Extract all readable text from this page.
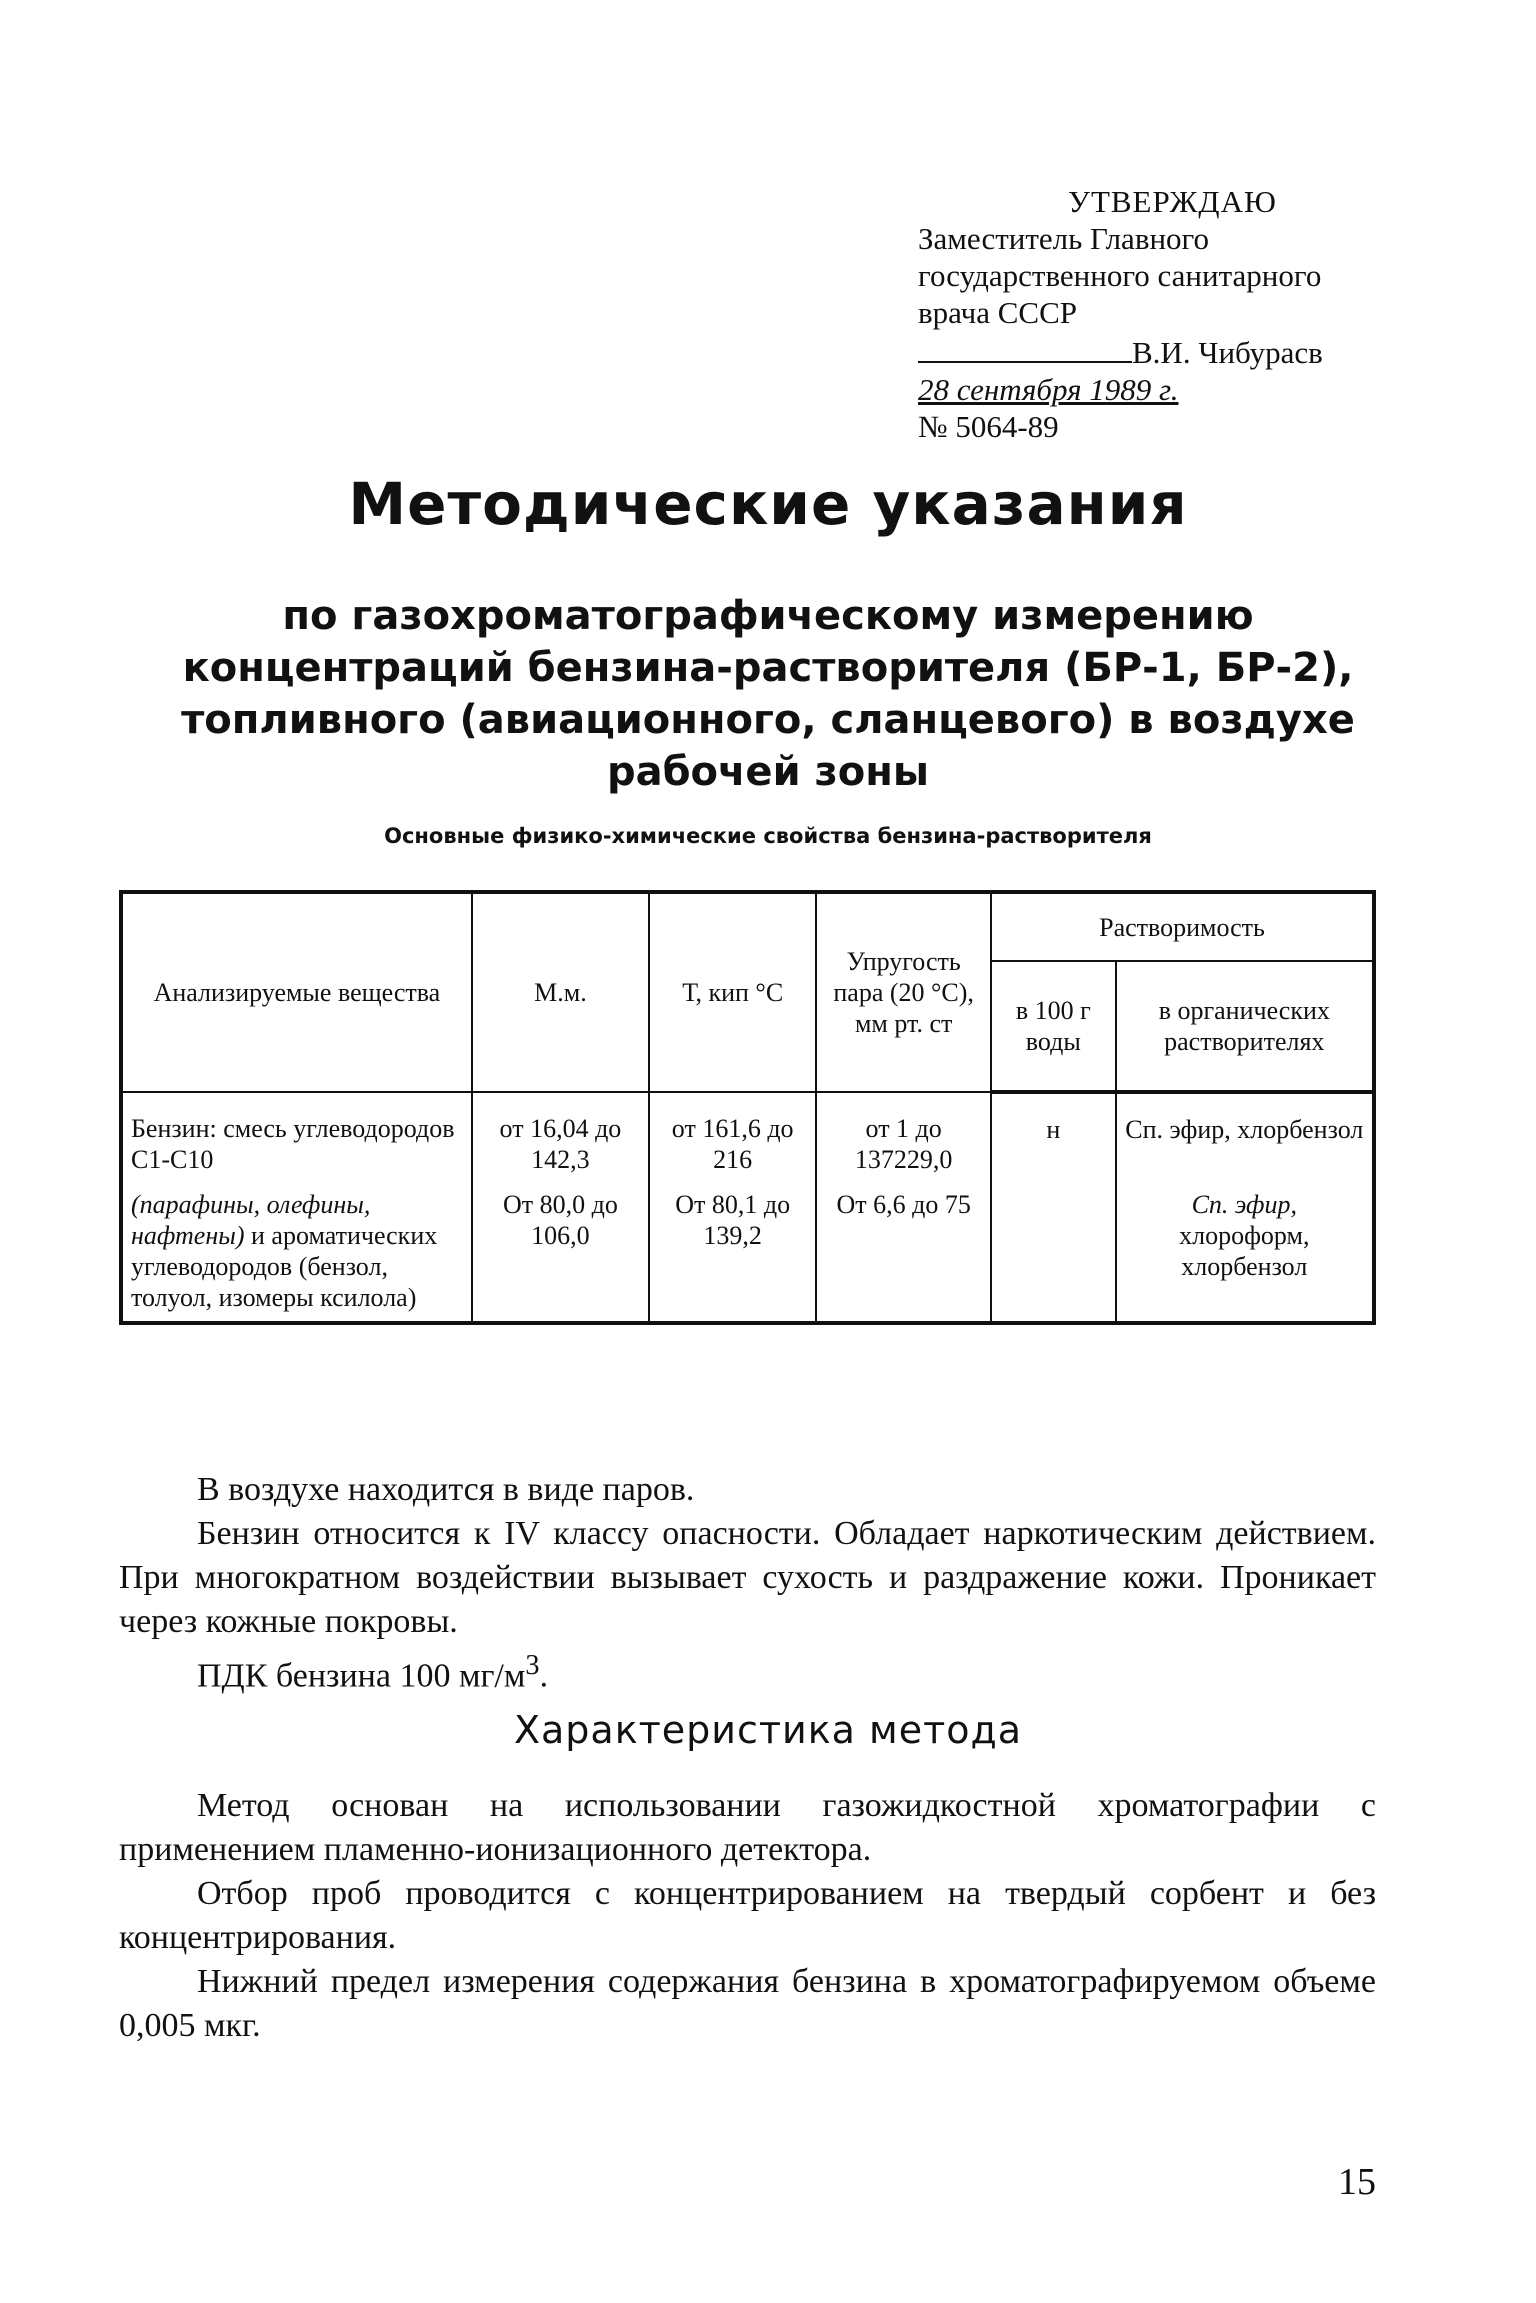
УТВЕРЖДАЮ
Заместитель Главного
государственного санитарного
врача СССР
В.И. Чибурасв
28 сентября 1989 г.
№ 5064-89
Методические указания
по газохроматографическому измерению концентраций бензина-растворителя (БР-1, БР-2), топливного (авиационного, сланцевого) в воздухе рабочей зоны
Основные физико-химические свойства бензина-растворителя
Анализируемые вещества	М.м.	Т, кип °С	Упругость пара (20 °С), мм рт. ст	Растворимость	
				в 100 г воды	в органических растворителях
Бензин: смесь углеводородов C1-C10	от 16,04 до 142,3	от 161,6 до 216	от 1 до 137229,0	н	Сп. эфир, хлорбензол
(парафины, олефины, нафтены) и ароматических углеводородов (бензол, толуол, изомеры ксилола)	От 80,0 до 106,0	От 80,1 до 139,2	От 6,6 до 75		Сп. эфир,
хлороформ, хлорбензол

В воздухе находится в виде паров.

Бензин относится к IV классу опасности. Обладает наркотическим действием. При многократном воздействии вызывает сухость и раздражение кожи. Проникает через кожные покровы.

ПДК бензина 100 $мг/м^3$.

Характеристика метода

Метод основан на использовании газожидкостной хроматографии с применением пламенно-ионизационного детектора.

Отбор проб проводится с концентрированием на твердый сорбент и без концентрирования.

Нижний предел измерения содержания бензина в хроматографируемом объеме 0,005 мкг.

15
